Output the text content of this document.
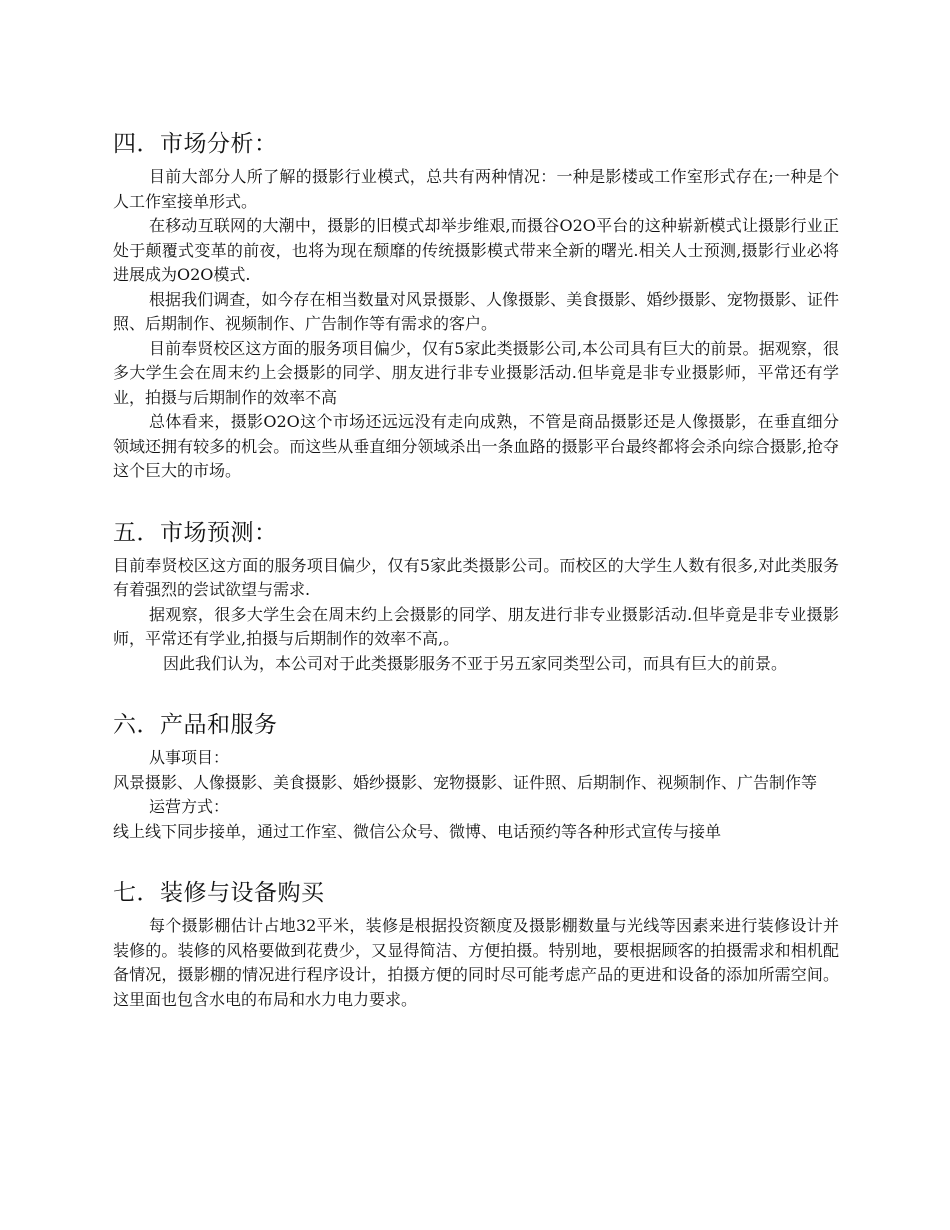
四．市场分析：

目前大部分人所了解的摄影行业模式，总共有两种情况：一种是影楼或工作室形式存在;一种是个人工作室接单形式。

在移动互联网的大潮中，摄影的旧模式却举步维艰,而摄谷O2O平台的这种崭新模式让摄影行业正处于颠覆式变革的前夜，也将为现在颓靡的传统摄影模式带来全新的曙光.相关人士预测,摄影行业必将进展成为O2O模式.

根据我们调查，如今存在相当数量对风景摄影、人像摄影、美食摄影、婚纱摄影、宠物摄影、证件照、后期制作、视频制作、广告制作等有需求的客户。

目前奉贤校区这方面的服务项目偏少，仅有5家此类摄影公司,本公司具有巨大的前景。据观察，很多大学生会在周末约上会摄影的同学、朋友进行非专业摄影活动.但毕竟是非专业摄影师，平常还有学业，拍摄与后期制作的效率不高

总体看来，摄影O2O这个市场还远远没有走向成熟，不管是商品摄影还是人像摄影，在垂直细分领域还拥有较多的机会。而这些从垂直细分领域杀出一条血路的摄影平台最终都将会杀向综合摄影,抢夺这个巨大的市场。

五．市场预测：

目前奉贤校区这方面的服务项目偏少，仅有5家此类摄影公司。而校区的大学生人数有很多,对此类服务有着强烈的尝试欲望与需求.

据观察，很多大学生会在周末约上会摄影的同学、朋友进行非专业摄影活动.但毕竟是非专业摄影师，平常还有学业,拍摄与后期制作的效率不高,。

因此我们认为，本公司对于此类摄影服务不亚于另五家同类型公司，而具有巨大的前景。

六．产品和服务

从事项目：

风景摄影、人像摄影、美食摄影、婚纱摄影、宠物摄影、证件照、后期制作、视频制作、广告制作等

运营方式：

线上线下同步接单，通过工作室、微信公众号、微博、电话预约等各种形式宣传与接单

七．装修与设备购买

每个摄影棚估计占地32平米，装修是根据投资额度及摄影棚数量与光线等因素来进行装修设计并装修的。装修的风格要做到花费少，又显得简洁、方便拍摄。特别地，要根据顾客的拍摄需求和相机配备情况，摄影棚的情况进行程序设计，拍摄方便的同时尽可能考虑产品的更进和设备的添加所需空间。这里面也包含水电的布局和水力电力要求。
